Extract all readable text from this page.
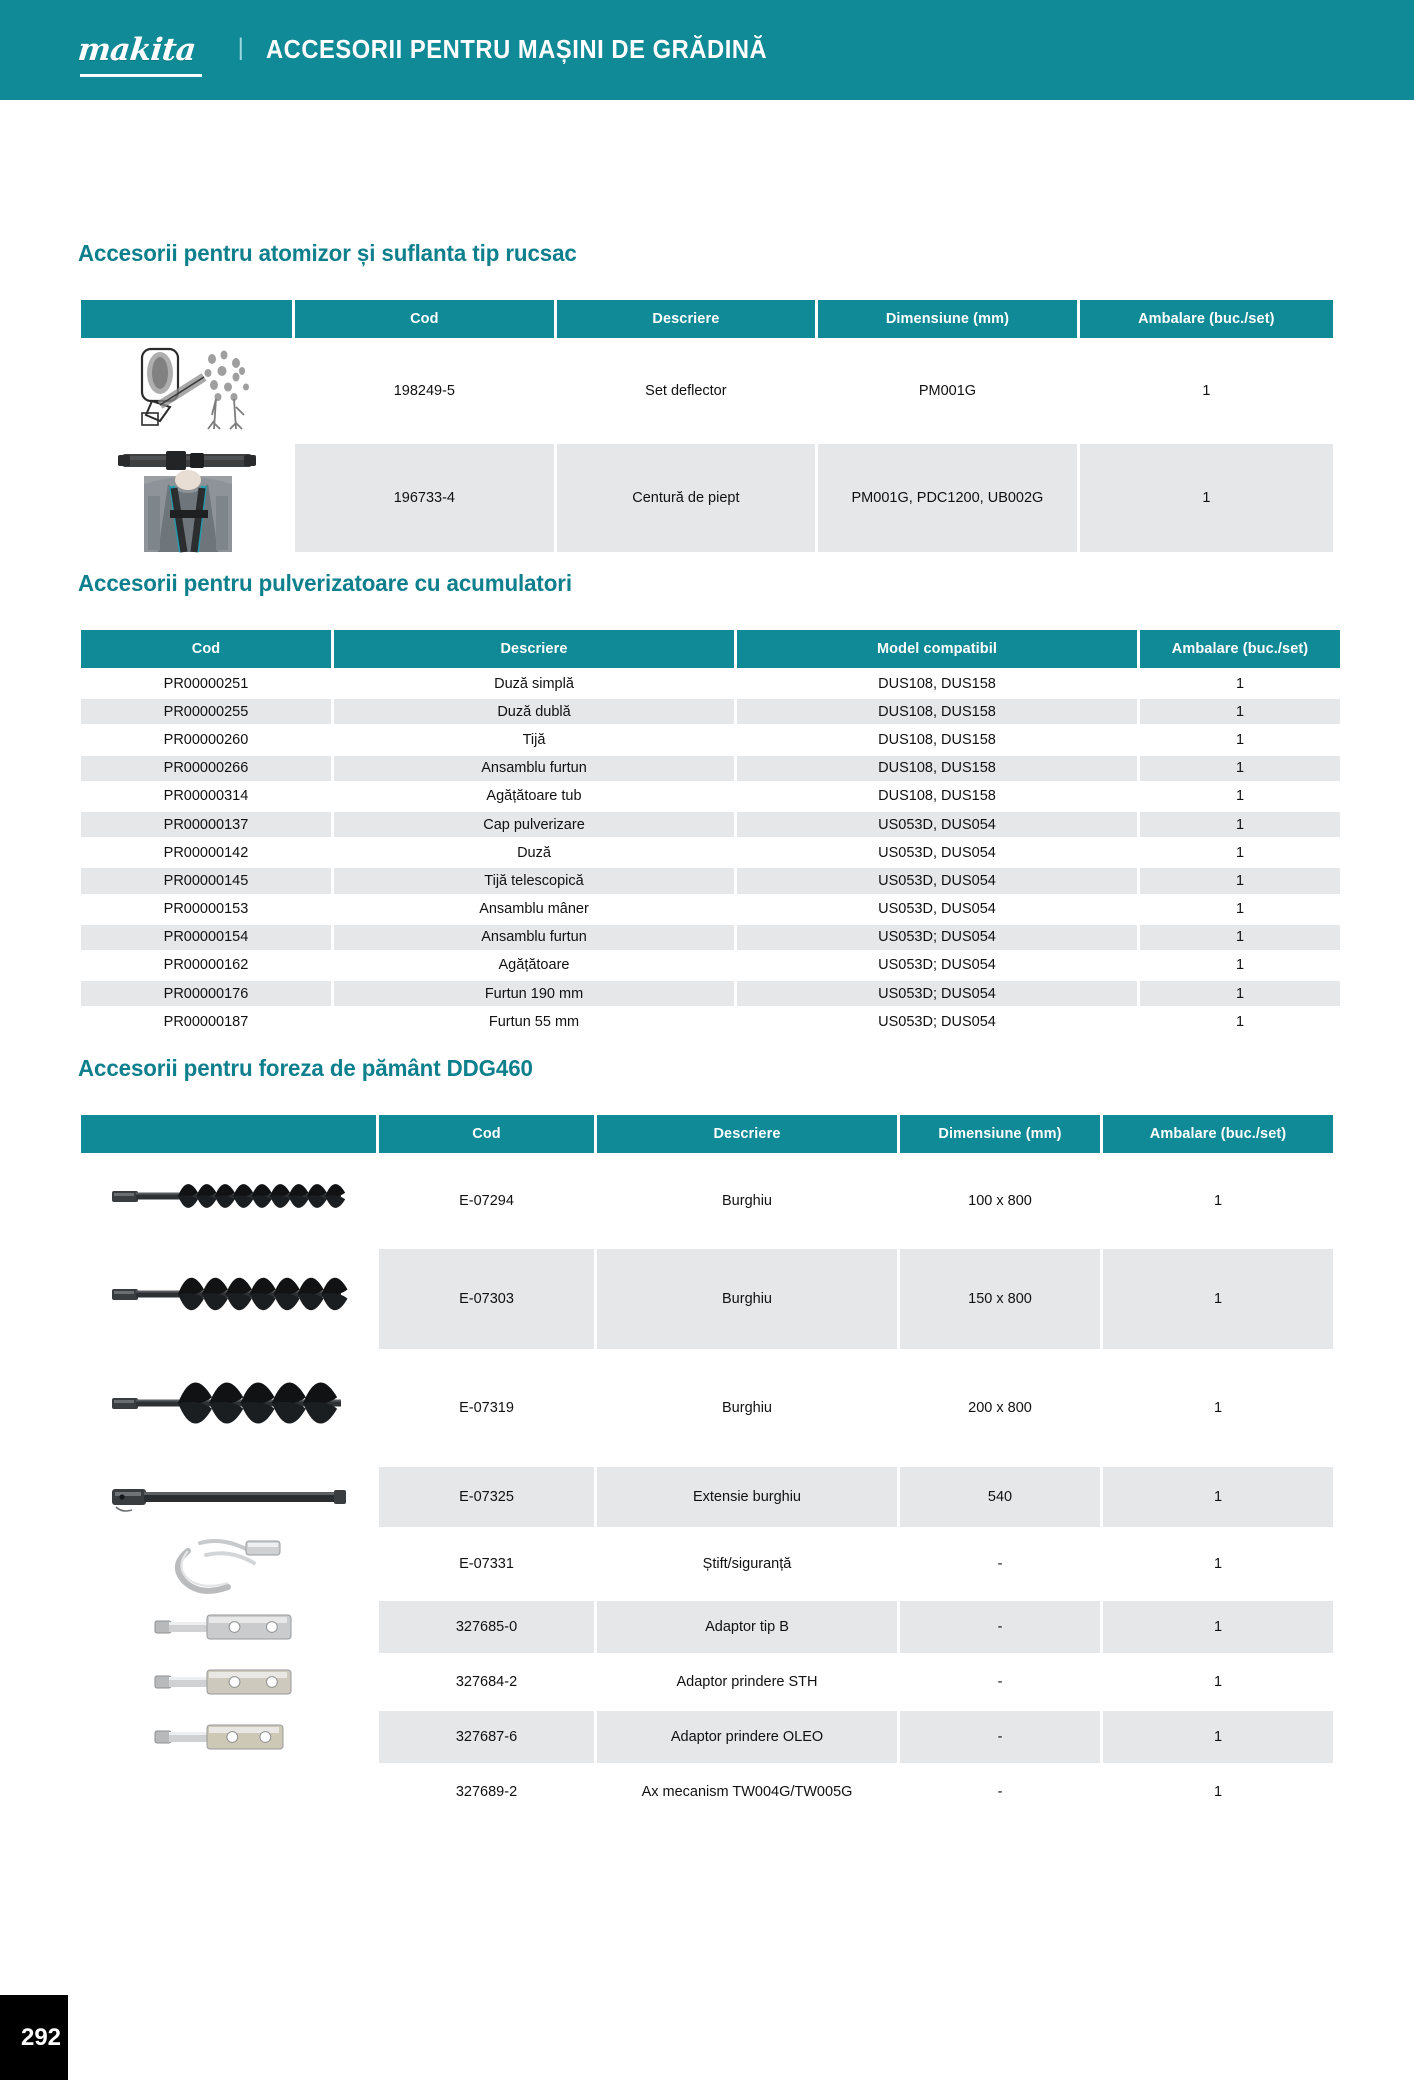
makita | ACCESORII PENTRU MAȘINI DE GRĂDINĂ
Accesorii pentru atomizor și suflanta tip rucsac
	Cod	Descriere	Dimensiune (mm)	Ambalare (buc./set)

	198249-5	Set deflector	PM001G	1

	196733-4	Centură de piept	PM001G, PDC1200, UB002G	1
Accesorii pentru pulverizatoare cu acumulatori
Cod	Descriere	Model compatibil	Ambalare (buc./set)
PR00000251	Duză simplă	DUS108, DUS158	1
PR00000255	Duză dublă	DUS108, DUS158	1
PR00000260	Tijă	DUS108, DUS158	1
PR00000266	Ansamblu furtun	DUS108, DUS158	1
PR00000314	Agățătoare tub	DUS108, DUS158	1
PR00000137	Cap pulverizare	US053D, DUS054	1
PR00000142	Duză	US053D, DUS054	1
PR00000145	Tijă telescopică	US053D, DUS054	1
PR00000153	Ansamblu mâner	US053D, DUS054	1
PR00000154	Ansamblu furtun	US053D; DUS054	1
PR00000162	Agățătoare	US053D; DUS054	1
PR00000176	Furtun 190 mm	US053D; DUS054	1
PR00000187	Furtun 55 mm	US053D; DUS054	1
Accesorii pentru foreza de pământ DDG460
	Cod	Descriere	Dimensiune (mm)	Ambalare (buc./set)

	E-07294	Burghiu	100 x 800	1

	E-07303	Burghiu	150 x 800	1

	E-07319	Burghiu	200 x 800	1

	E-07325	Extensie burghiu	540	1

	E-07331	Știft/siguranță	-	1

	327685-0	Adaptor tip B	-	1

	327684-2	Adaptor prindere STH	-	1

	327687-6	Adaptor prindere OLEO	-	1
	327689-2	Ax mecanism TW004G/TW005G	-	1
292
